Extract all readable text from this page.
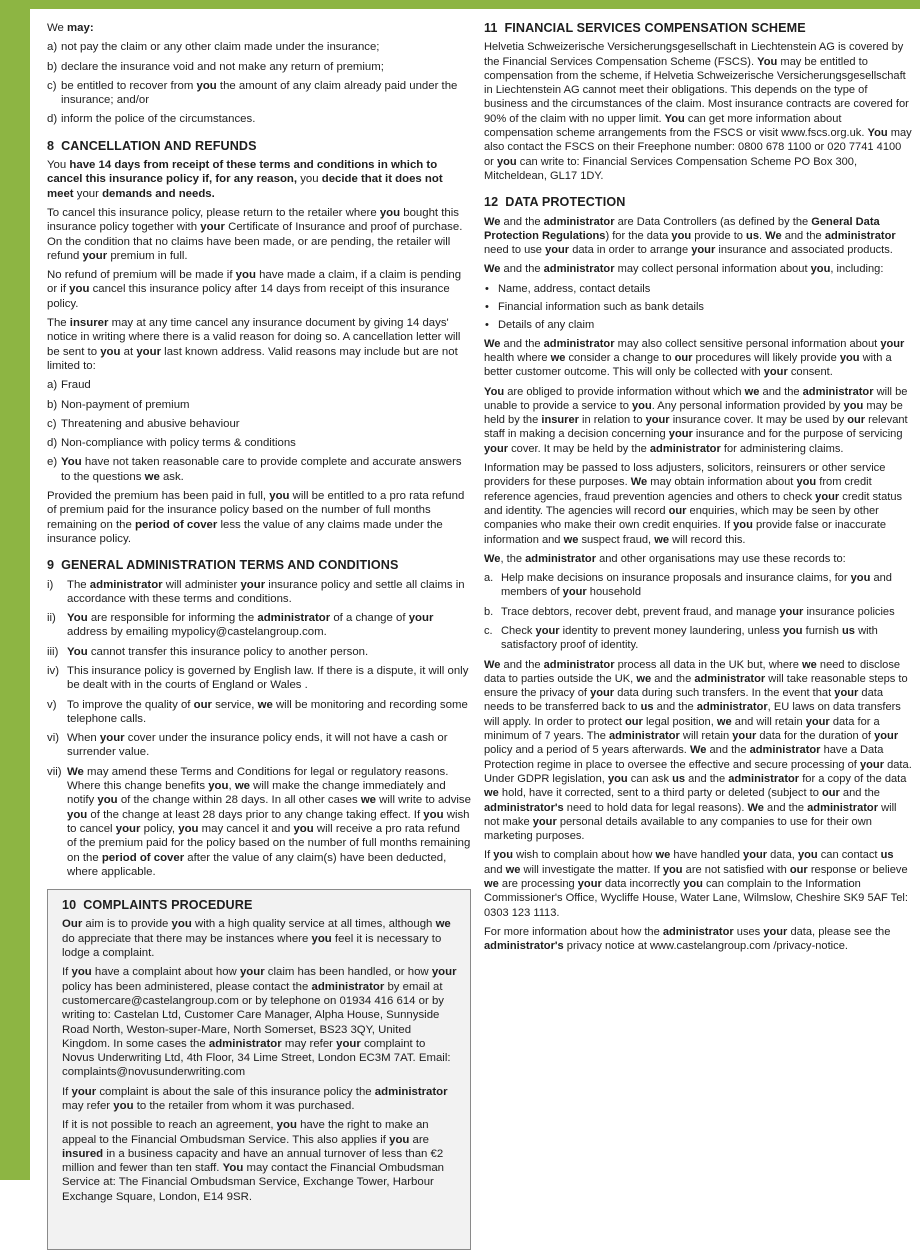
We may:
a) not pay the claim or any other claim made under the insurance;
b) declare the insurance void and not make any return of premium;
c) be entitled to recover from you the amount of any claim already paid under the insurance; and/or
d) inform the police of the circumstances.
8 CANCELLATION AND REFUNDS
You have 14 days from receipt of these terms and conditions in which to cancel this insurance policy if, for any reason, you decide that it does not meet your demands and needs.
To cancel this insurance policy, please return to the retailer where you bought this insurance policy together with your Certificate of Insurance and proof of purchase. On the condition that no claims have been made, or are pending, the retailer will refund your premium in full.
No refund of premium will be made if you have made a claim, if a claim is pending or if you cancel this insurance policy after 14 days from receipt of this insurance policy.
The insurer may at any time cancel any insurance document by giving 14 days' notice in writing where there is a valid reason for doing so. A cancellation letter will be sent to you at your last known address. Valid reasons may include but are not limited to:
a) Fraud
b) Non-payment of premium
c) Threatening and abusive behaviour
d) Non-compliance with policy terms & conditions
e) You have not taken reasonable care to provide complete and accurate answers to the questions we ask.
Provided the premium has been paid in full, you will be entitled to a pro rata refund of premium paid for the insurance policy based on the number of full months remaining on the period of cover less the value of any claims made under the insurance policy.
9 GENERAL ADMINISTRATION TERMS AND CONDITIONS
i) The administrator will administer your insurance policy and settle all claims in accordance with these terms and conditions.
ii) You are responsible for informing the administrator of a change of your address by emailing mypolicy@castelangroup.com.
iii) You cannot transfer this insurance policy to another person.
iv) This insurance policy is governed by English law. If there is a dispute, it will only be dealt with in the courts of England or Wales .
v) To improve the quality of our service, we will be monitoring and recording some telephone calls.
vi) When your cover under the insurance policy ends, it will not have a cash or surrender value.
vii) We may amend these Terms and Conditions for legal or regulatory reasons. Where this change benefits you, we will make the change immediately and notify you of the change within 28 days. In all other cases we will write to advise you of the change at least 28 days prior to any change taking effect. If you wish to cancel your policy, you may cancel it and you will receive a pro rata refund of the premium paid for the policy based on the number of full months remaining on the period of cover after the value of any claim(s) have been deducted, where applicable.
10 COMPLAINTS PROCEDURE
Our aim is to provide you with a high quality service at all times, although we do appreciate that there may be instances where you feel it is necessary to lodge a complaint.
If you have a complaint about how your claim has been handled, or how your policy has been administered, please contact the administrator by email at customercare@castelangroup.com or by telephone on 01934 416 614 or by writing to: Castelan Ltd, Customer Care Manager, Alpha House, Sunnyside Road North, Weston-super-Mare, North Somerset, BS23 3QY, United Kingdom. In some cases the administrator may refer your complaint to Novus Underwriting Ltd, 4th Floor, 34 Lime Street, London EC3M 7AT. Email: complaints@novusunderwriting.com
If your complaint is about the sale of this insurance policy the administrator may refer you to the retailer from whom it was purchased.
If it is not possible to reach an agreement, you have the right to make an appeal to the Financial Ombudsman Service. This also applies if you are insured in a business capacity and have an annual turnover of less than €2 million and fewer than ten staff. You may contact the Financial Ombudsman Service at: The Financial Ombudsman Service, Exchange Tower, Harbour Exchange Square, London, E14 9SR.
11 FINANCIAL SERVICES COMPENSATION SCHEME
Helvetia Schweizerische Versicherungsgesellschaft in Liechtenstein AG is covered by the Financial Services Compensation Scheme (FSCS). You may be entitled to compensation from the scheme, if Helvetia Schweizerische Versicherungsgesellschaft in Liechtenstein AG cannot meet their obligations. This depends on the type of business and the circumstances of the claim. Most insurance contracts are covered for 90% of the claim with no upper limit. You can get more information about compensation scheme arrangements from the FSCS or visit www.fscs.org.uk. You may also contact the FSCS on their Freephone number: 0800 678 1100 or 020 7741 4100 or you can write to: Financial Services Compensation Scheme PO Box 300, Mitcheldean, GL17 1DY.
12 DATA PROTECTION
We and the administrator are Data Controllers (as defined by the General Data Protection Regulations) for the data you provide to us. We and the administrator need to use your data in order to arrange your insurance and associated products.
We and the administrator may collect personal information about you, including:
• Name, address, contact details
• Financial information such as bank details
• Details of any claim
We and the administrator may also collect sensitive personal information about your health where we consider a change to our procedures will likely provide you with a better customer outcome. This will only be collected with your consent.
You are obliged to provide information without which we and the administrator will be unable to provide a service to you. Any personal information provided by you may be held by the insurer in relation to your insurance cover. It may be used by our relevant staff in making a decision concerning your insurance and for the purpose of servicing your cover. It may be held by the administrator for administering claims.
Information may be passed to loss adjusters, solicitors, reinsurers or other service providers for these purposes. We may obtain information about you from credit reference agencies, fraud prevention agencies and others to check your credit status and identity. The agencies will record our enquiries, which may be seen by other companies who make their own credit enquiries. If you provide false or inaccurate information and we suspect fraud, we will record this.
We, the administrator and other organisations may use these records to:
a. Help make decisions on insurance proposals and insurance claims, for you and members of your household
b. Trace debtors, recover debt, prevent fraud, and manage your insurance policies
c. Check your identity to prevent money laundering, unless you furnish us with satisfactory proof of identity.
We and the administrator process all data in the UK but, where we need to disclose data to parties outside the UK, we and the administrator will take reasonable steps to ensure the privacy of your data during such transfers. In the event that your data needs to be transferred back to us and the administrator, EU laws on data transfers will apply. In order to protect our legal position, we and will retain your data for a minimum of 7 years. The administrator will retain your data for the duration of your policy and a period of 5 years afterwards. We and the administrator have a Data Protection regime in place to oversee the effective and secure processing of your data. Under GDPR legislation, you can ask us and the administrator for a copy of the data we hold, have it corrected, sent to a third party or deleted (subject to our and the administrator's need to hold data for legal reasons). We and the administrator will not make your personal details available to any companies to use for their own marketing purposes.
If you wish to complain about how we have handled your data, you can contact us and we will investigate the matter. If you are not satisfied with our response or believe we are processing your data incorrectly you can complain to the Information Commissioner's Office, Wycliffe House, Water Lane, Wilmslow, Cheshire SK9 5AF Tel: 0303 123 1113.
For more information about how the administrator uses your data, please see the administrator's privacy notice at www.castelangroup.com /privacy-notice.
